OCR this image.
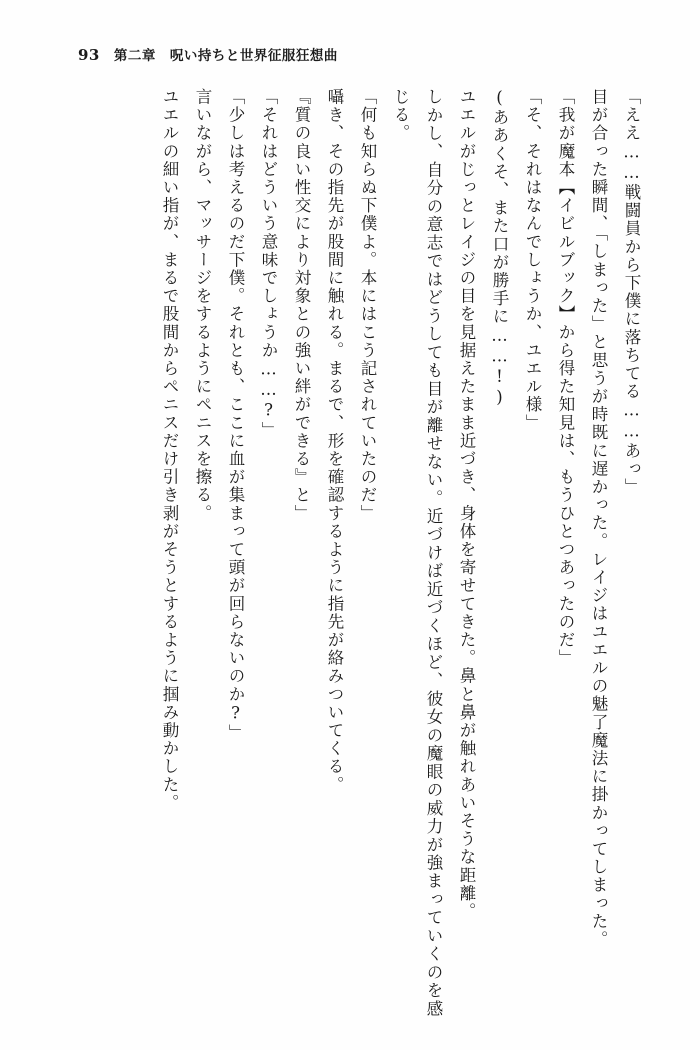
93 第二章　呪い持ちと世界征服狂想曲

「ええ……戦闘員から下僕に落ちてる……あっ」

目が合った瞬間、「しまった」と思うが時既に遅かった。レイジはユエルの魅了魔法に掛かってしまった。

「我が魔本【イビルブック】から得た知見は、もうひとつあったのだ」

「そ、それはなんでしょうか、ユエル様」

(ああくそ、また口が勝手に……!)

ユエルがじっとレイジの目を見据えたまま近づき、身体を寄せてきた。鼻と鼻が触れあいそうな距離。

しかし、自分の意志ではどうしても目が離せない。近づけば近づくほど、彼女の魔眼の威力が強まっていくのを感じる。

「何も知らぬ下僕よ。本にはこう記されていたのだ」

囁き、その指先が股間に触れる。まるで、形を確認するように指先が絡みついてくる。

『質の良い性交により対象との強い絆ができる』と」

「それはどういう意味でしょうか……?」

「少しは考えるのだ下僕。それとも、ここに血が集まって頭が回らないのか?」

言いながら、マッサージをするようにペニスを擦る。

ユエルの細い指が、まるで股間からペニスだけ引き剥がそうとするように掴み動かした。
